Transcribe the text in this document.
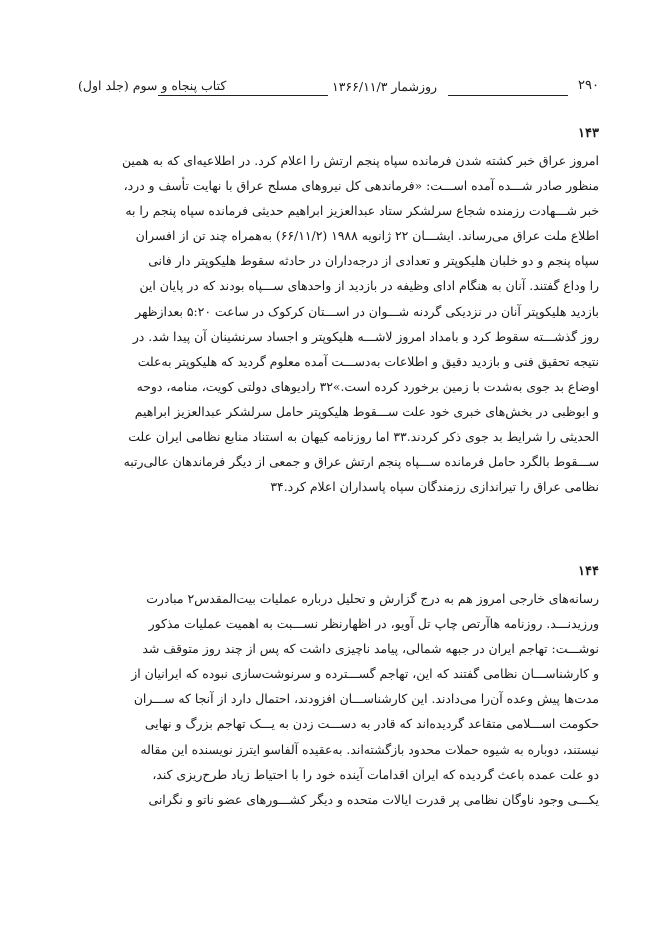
۲۹۰
روزشمار ۱۳۶۶/۱۱/۳
کتاب پنجاه و سوم (جلد اول)
۱۴۳
امروز عراق خبر کشته شدن فرمانده سپاه پنجم ارتش را اعلام کرد. در اطلاعیه‌ای که به همین
منظور صادر شـــده آمده اســـت: «فرماندهی کل نیروهای مسلح عراق با نهایت تأسف و درد،
خبر شـــهادت رزمنده شجاع سرلشکر ستاد عبدالعزیز ابراهیم حدیثی فرمانده سپاه پنجم را به
اطلاع ملت عراق می‌رساند. ایشـــان ۲۲ ژانویه ۱۹۸۸ (۶۶/۱۱/۲) به‌همراه چند تن از افسران
سپاه پنجم و دو خلبان هلیکوپتر و تعدادی از درجه‌داران در حادثه سقوط هلیکوپتر دار فانی
را وداع گفتند. آنان به هنگام ادای وظیفه در بازدید از واحدهای ســـپاه بودند که در پایان این
بازدید هلیکوپتر آنان در نزدیکی گردنه شـــوان در اســـتان کرکوک در ساعت ۵:۲۰ بعدازظهر
روز گذشـــته سقوط کرد و بامداد امروز لاشـــه هلیکوپتر و اجساد سرنشینان آن پیدا شد. در
نتیجه تحقیق فنی و بازدید دقیق و اطلاعات به‌دســـت آمده معلوم گردید که هلیکوپتر به‌علت
اوضاع بد جوی به‌شدت با زمین برخورد کرده است.»۳۲ رادیوهای دولتی کویت، منامه، دوحه
و ابوظبی در بخش‌های خبری خود علت ســـقوط هلیکوپتر حامل سرلشکر عبدالعزیز ابراهیم
الحدیثی را شرایط بد جوی ذکر کردند.۳۳ اما روزنامه کیهان به استناد منابع نظامی ایران علت
ســـقوط بالگرد حامل فرمانده ســـپاه پنجم ارتش عراق و جمعی از دیگر فرماندهان عالی‌رتبه
نظامی عراق را تیراندازی رزمندگان سپاه پاسداران اعلام کرد.۳۴
۱۴۴
رسانه‌های خارجی امروز هم به درج گزارش و تحلیل درباره عملیات بیت‌المقدس۲ مبادرت
ورزیدنـــد. روزنامه هاآرتص چاپ تل آویو، در اظهارنظر نســـبت به اهمیت عملیات مذکور
نوشـــت: تهاجم ایران در جبهه شمالی، پیامد ناچیزی داشت که پس از چند روز متوقف شد
و کارشناســـان نظامی گفتند که این، تهاجم گســـترده و سرنوشت‌سازی نبوده که ایرانیان از
مدت‌ها پیش وعده آن‌را می‌دادند. این کارشناســـان افزودند، احتمال دارد از آنجا که ســـران
حکومت اســـلامی متقاعد گردیده‌اند که قادر به دســـت زدن به یـــک تهاجم بزرگ و نهایی
نیستند، دوباره به شیوه حملات محدود بازگشته‌اند. به‌عقیده آلفاسو ایترز نویسنده این مقاله
دو علت عمده باعث گردیده که ایران اقدامات آینده خود را با احتیاط زیاد طرح‌ریزی کند،
یکـــی وجود ناوگان نظامی پر قدرت ایالات متحده و دیگر کشـــورهای عضو ناتو و نگرانی
